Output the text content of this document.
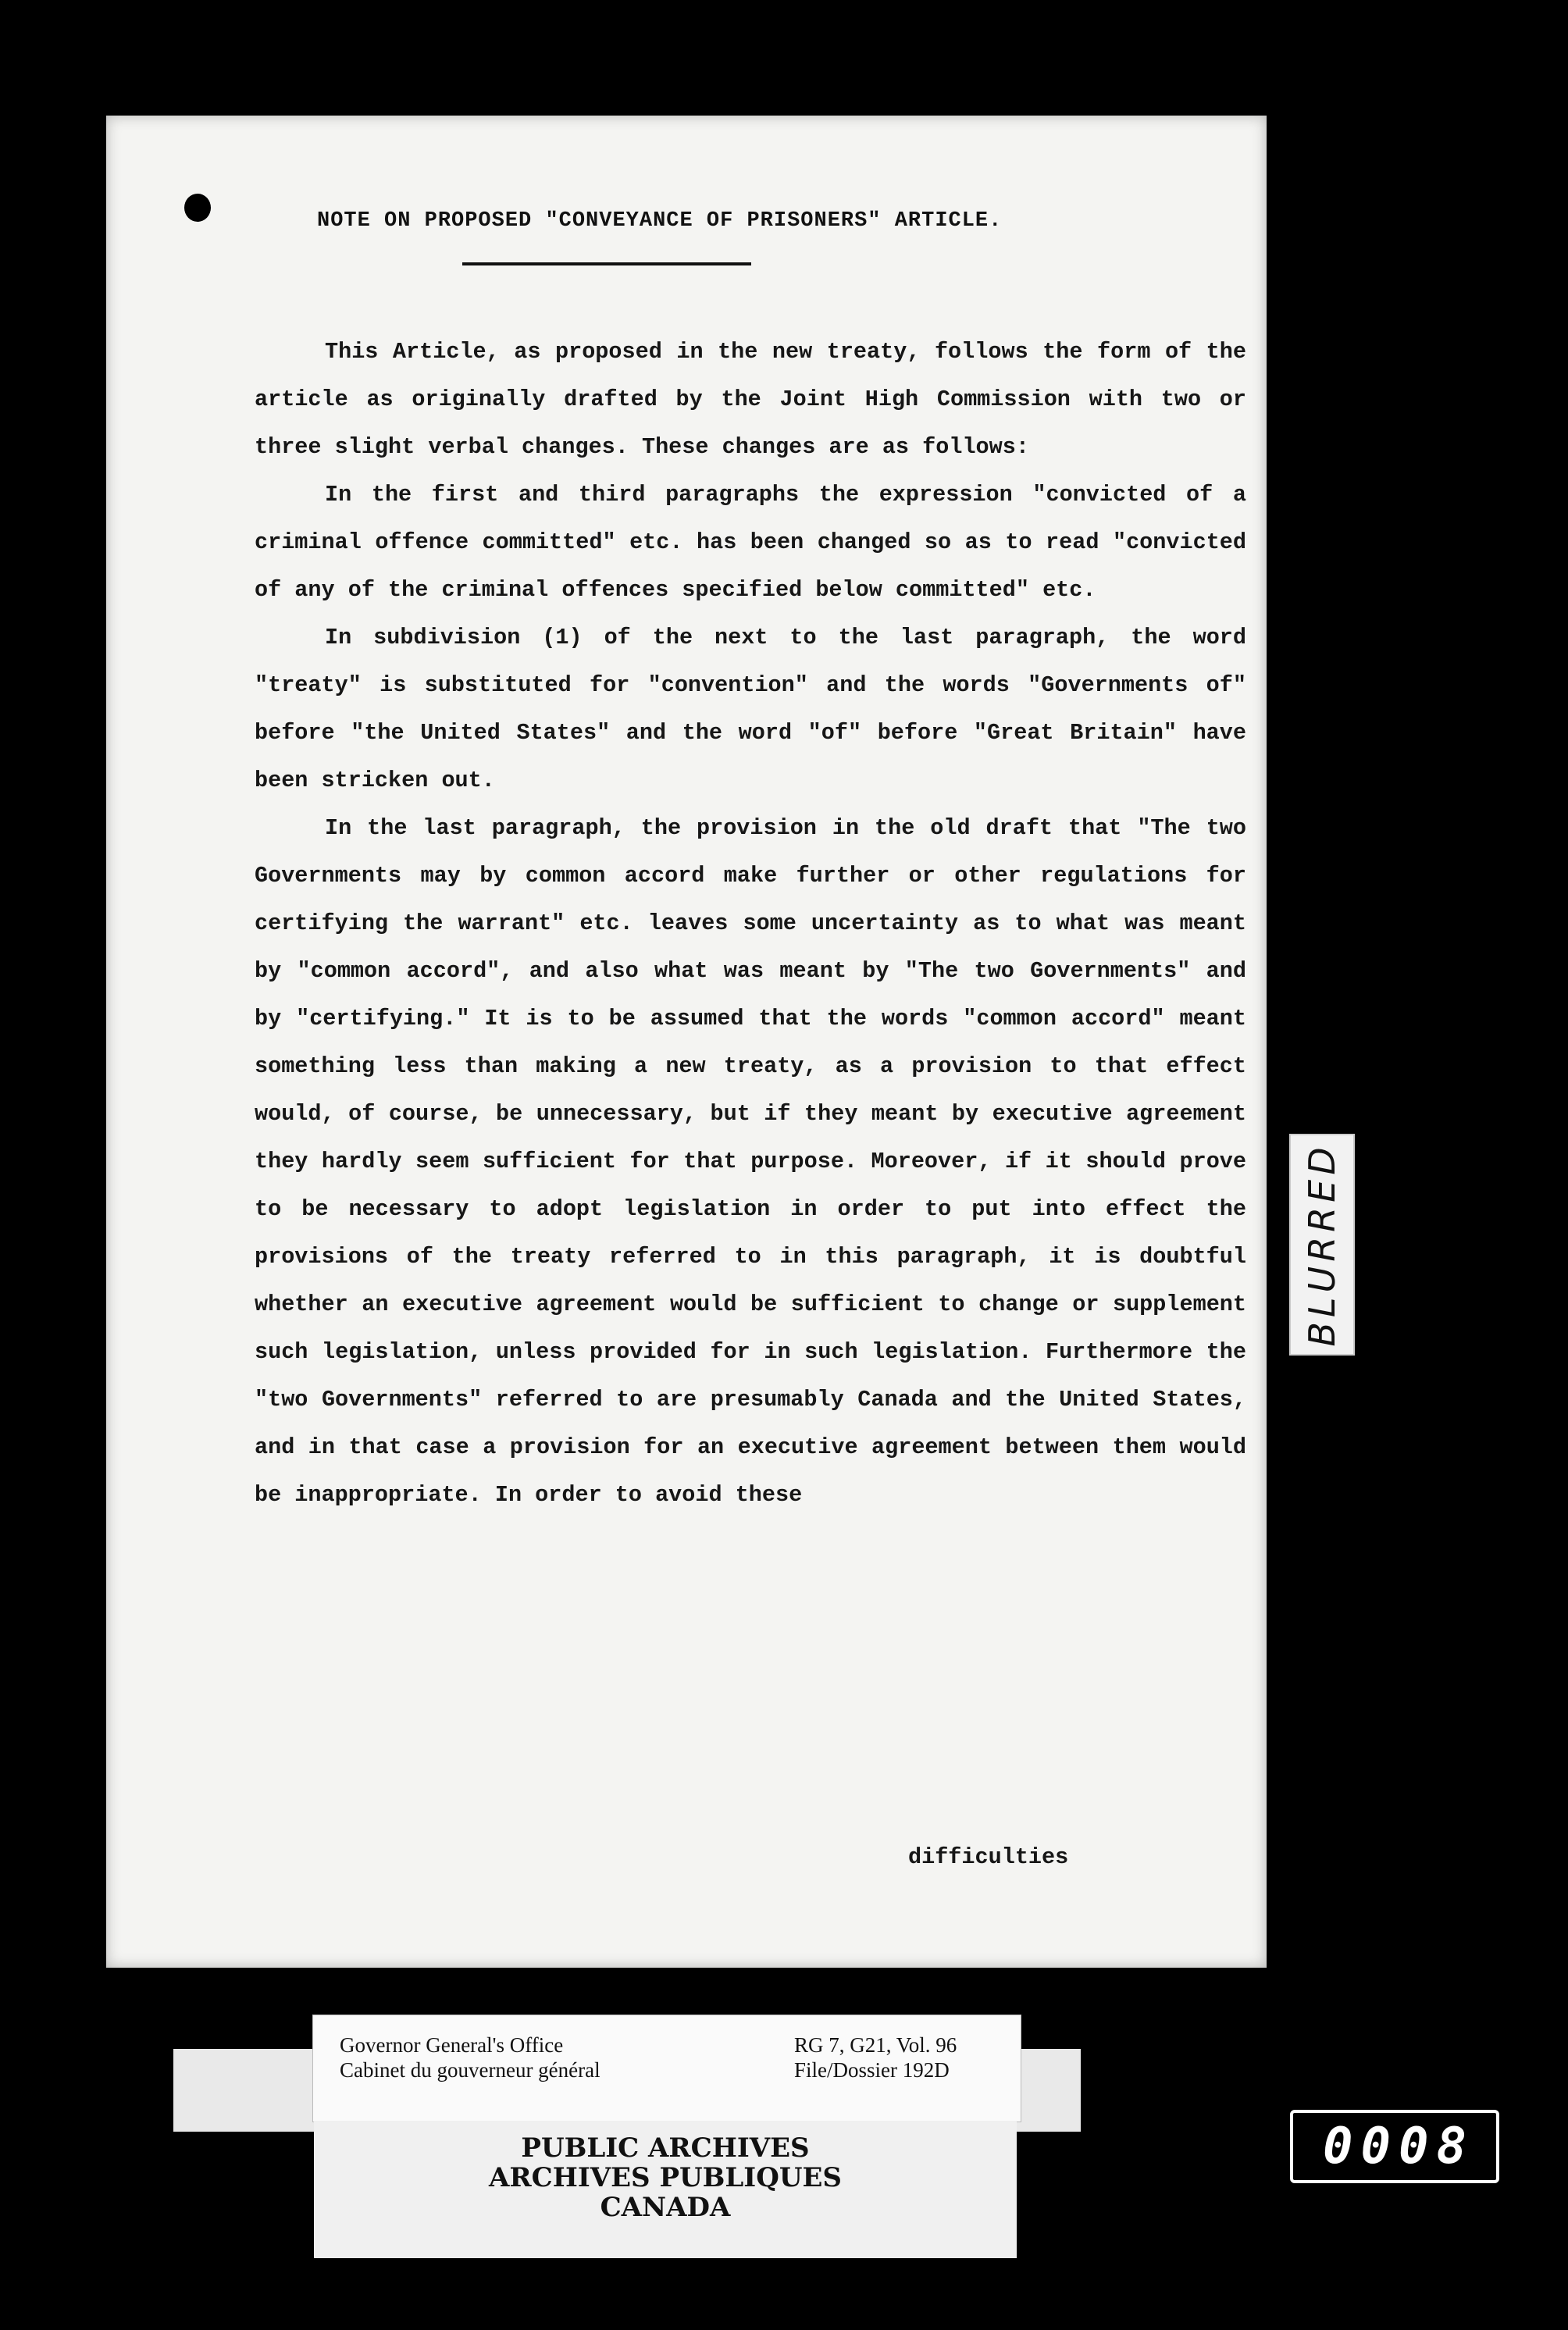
NOTE ON PROPOSED "CONVEYANCE OF PRISONERS" ARTICLE.

This Article, as proposed in the new treaty, follows the form of the article as originally drafted by the Joint High Commission with two or three slight verbal changes. These changes are as follows:

In the first and third paragraphs the expression "convicted of a criminal offence committed" etc. has been changed so as to read "convicted of any of the criminal offences specified below committed" etc.

In subdivision (1) of the next to the last paragraph, the word "treaty" is substituted for "convention" and the words "Governments of" before "the United States" and the word "of" before "Great Britain" have been stricken out.

In the last paragraph, the provision in the old draft that "The two Governments may by common accord make further or other regulations for certifying the warrant" etc. leaves some uncertainty as to what was meant by "common accord", and also what was meant by "The two Governments" and by "certifying." It is to be assumed that the words "common accord" meant something less than making a new treaty, as a provision to that effect would, of course, be unnecessary, but if they meant by executive agreement they hardly seem sufficient for that purpose. Moreover, if it should prove to be necessary to adopt legislation in order to put into effect the provisions of the treaty referred to in this paragraph, it is doubtful whether an executive agreement would be sufficient to change or supplement such legislation, unless provided for in such legislation. Furthermore the "two Governments" referred to are presumably Canada and the United States, and in that case a provision for an executive agreement between them would be inappropriate. In order to avoid these

difficulties
BLURRED
Governor General's Office
Cabinet du gouverneur général
RG 7, G21, Vol. 96
File/Dossier 192D
PUBLIC ARCHIVES
ARCHIVES PUBLIQUES
CANADA
0 0 0 8
